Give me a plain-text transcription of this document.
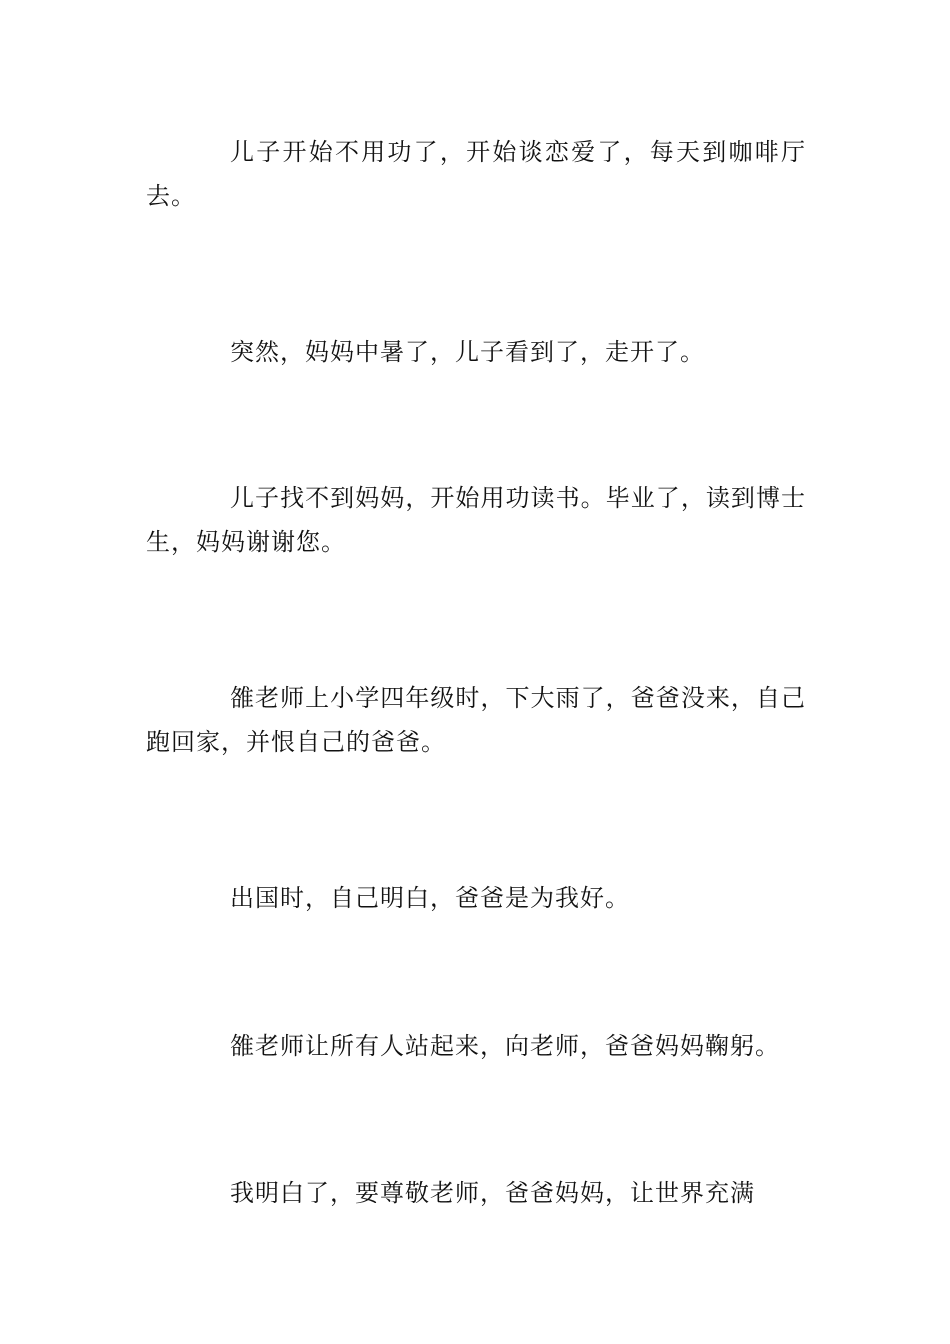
儿子开始不用功了，开始谈恋爱了，每天到咖啡厅去。

突然，妈妈中暑了，儿子看到了，走开了。

儿子找不到妈妈，开始用功读书。毕业了，读到博士生，妈妈谢谢您。

雒老师上小学四年级时，下大雨了，爸爸没来，自己跑回家，并恨自己的爸爸。

出国时，自己明白，爸爸是为我好。

雒老师让所有人站起来，向老师，爸爸妈妈鞠躬。

我明白了，要尊敬老师，爸爸妈妈，让世界充满
